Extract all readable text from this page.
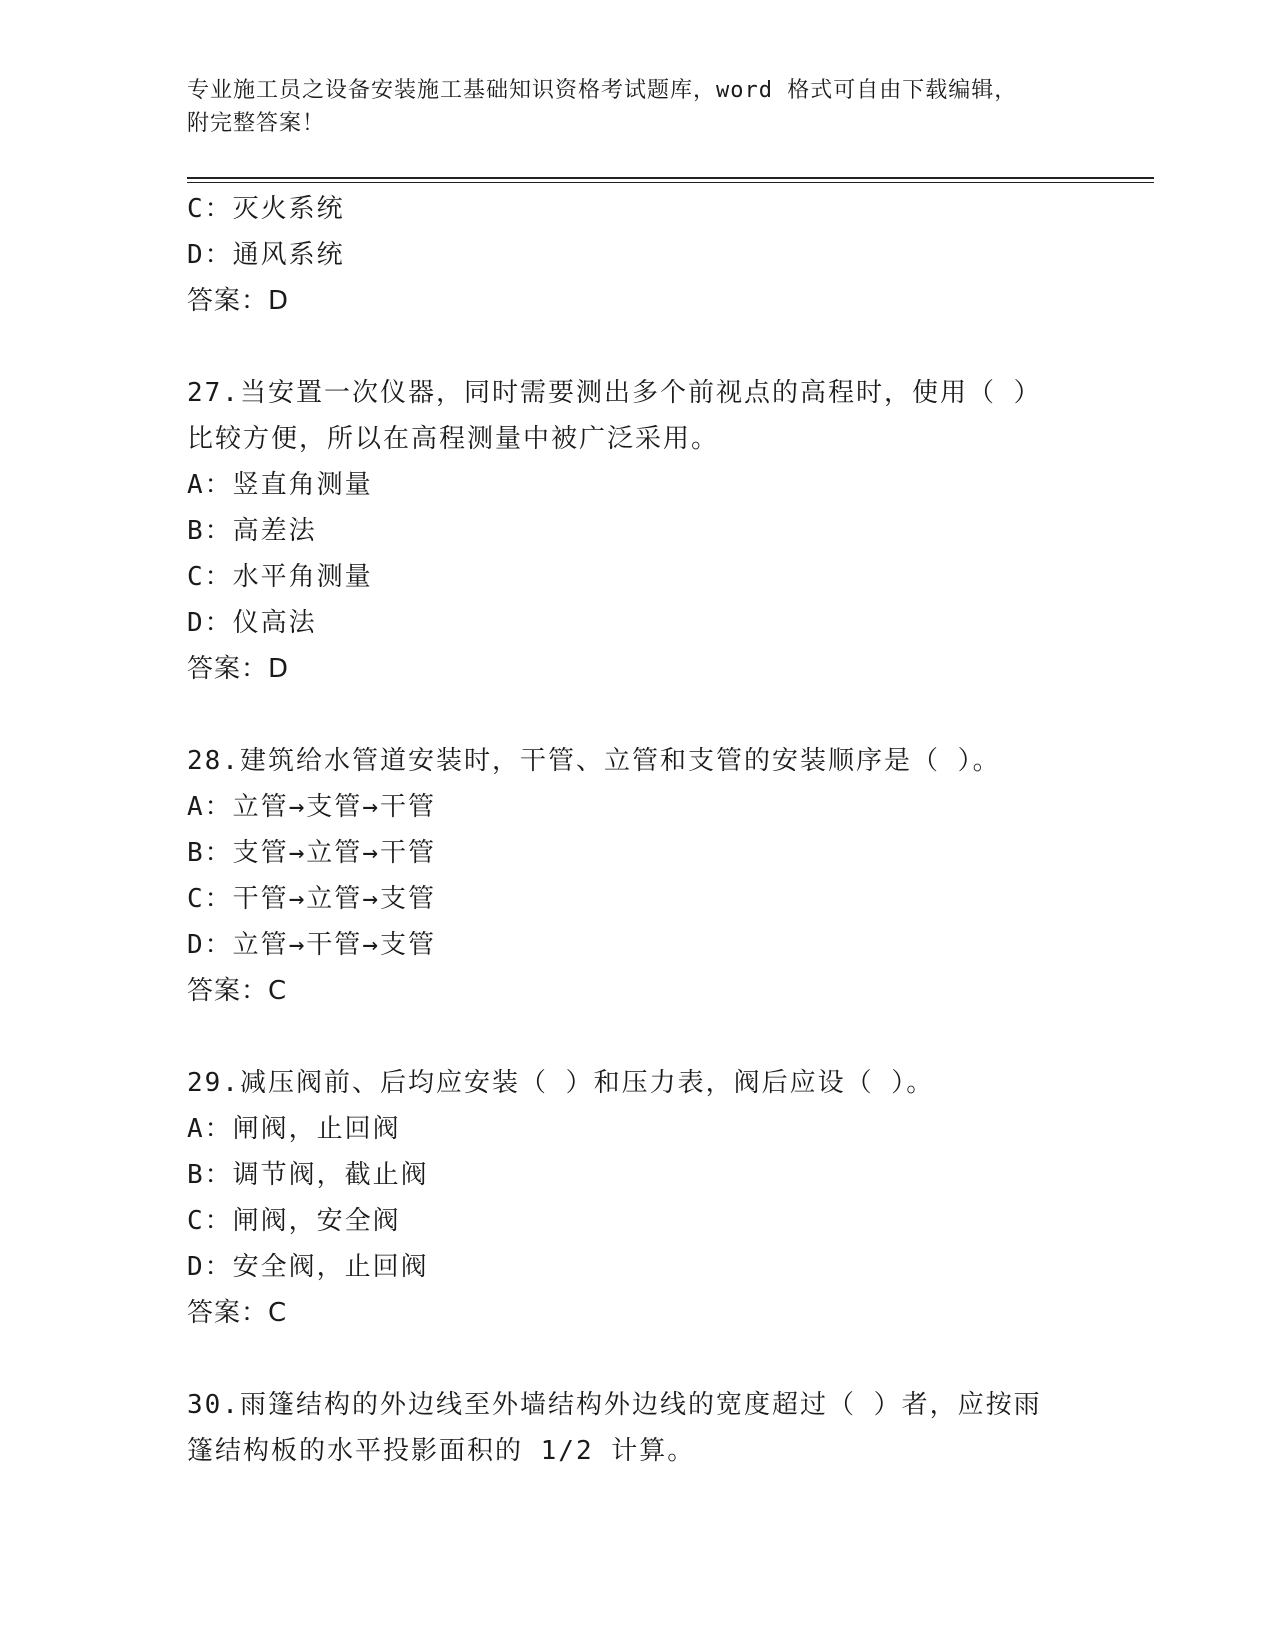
专业施工员之设备安装施工基础知识资格考试题库，word 格式可自由下载编辑，
附完整答案！
C：灭火系统
D：通风系统
答案：D
27.当安置一次仪器，同时需要测出多个前视点的高程时，使用（ ）
比较方便，所以在高程测量中被广泛采用。
A：竖直角测量
B：高差法
C：水平角测量
D：仪高法
答案：D
28.建筑给水管道安装时，干管、立管和支管的安装顺序是（ ）。
A：立管→支管→干管
B：支管→立管→干管
C：干管→立管→支管
D：立管→干管→支管
答案：C
29.减压阀前、后均应安装（ ）和压力表，阀后应设（ ）。
A：闸阀，止回阀
B：调节阀，截止阀
C：闸阀，安全阀
D：安全阀，止回阀
答案：C
30.雨篷结构的外边线至外墙结构外边线的宽度超过（ ）者，应按雨
篷结构板的水平投影面积的 1/2 计算。
